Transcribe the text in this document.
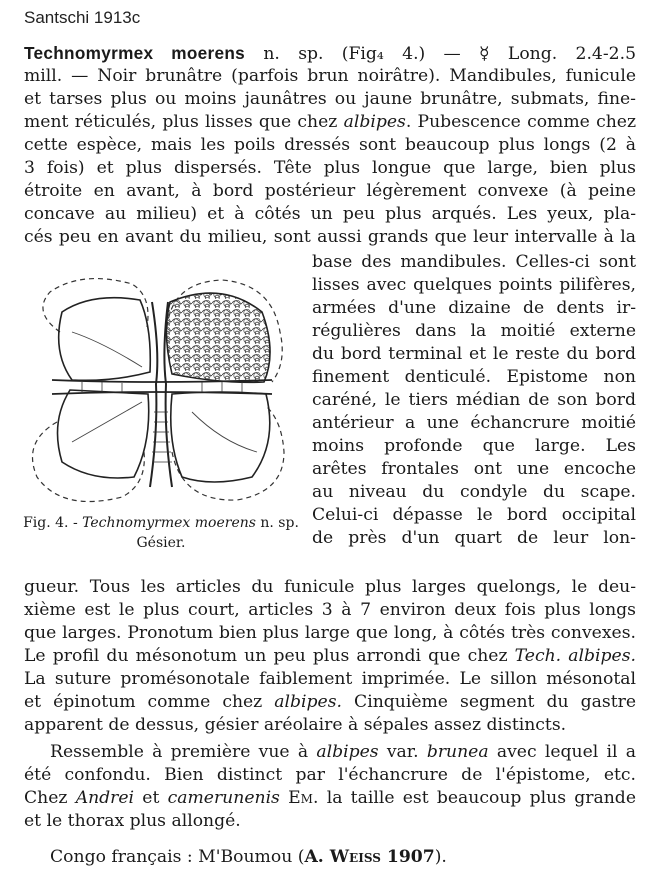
Santschi 1913c
Technomyrmex moerens n. sp. (Fig₄ 4.) — ☿ Long. 2.4-2.5
mill. — Noir brunâtre (parfois brun noirâtre). Mandibules, funicule
et tarses plus ou moins jaunâtres ou jaune brunâtre, submats, fine-
ment réticulés, plus lisses que chez albipes. Pubescence comme chez
cette espèce, mais les poils dressés sont beaucoup plus longs (2 à
3 fois) et plus dispersés. Tête plus longue que large, bien plus
étroite en avant, à bord postérieur légèrement convexe (à peine
concave au milieu) et à côtés un peu plus arqués. Les yeux, pla-
cés peu en avant du milieu, sont aussi grands que leur intervalle à la
base des mandibules. Celles-ci sont
lisses avec quelques points pilifères,
armées d'une dizaine de dents ir-
régulières dans la moitié externe
du bord terminal et le reste du bord
finement denticulé. Epistome non
caréné, le tiers médian de son bord
antérieur a une échancrure moitié
moins profonde que large. Les
arêtes frontales ont une encoche
au niveau du condyle du scape.
Celui-ci dépasse le bord occipital
de près d'un quart de leur lon-
Fig. 4. - Technomyrmex moerens n. sp.
Gésier.
gueur. Tous les articles du funicule plus larges quelongs, le deu-
xième est le plus court, articles 3 à 7 environ deux fois plus longs
que larges. Pronotum bien plus large que long, à côtés très convexes.
Le profil du mésonotum un peu plus arrondi que chez Tech. albipes.
La suture promésonotale faiblement imprimée. Le sillon mésonotal
et épinotum comme chez albipes. Cinquième segment du gastre
apparent de dessus, gésier aréolaire à sépales assez distincts.
Ressemble à première vue à albipes var. brunea avec lequel il a
été confondu. Bien distinct par l'échancrure de l'épistome, etc.
Chez Andrei et camerunenis Em. la taille est beaucoup plus grande
et le thorax plus allongé.
Congo français : M'Boumou (A. Weiss 1907).
